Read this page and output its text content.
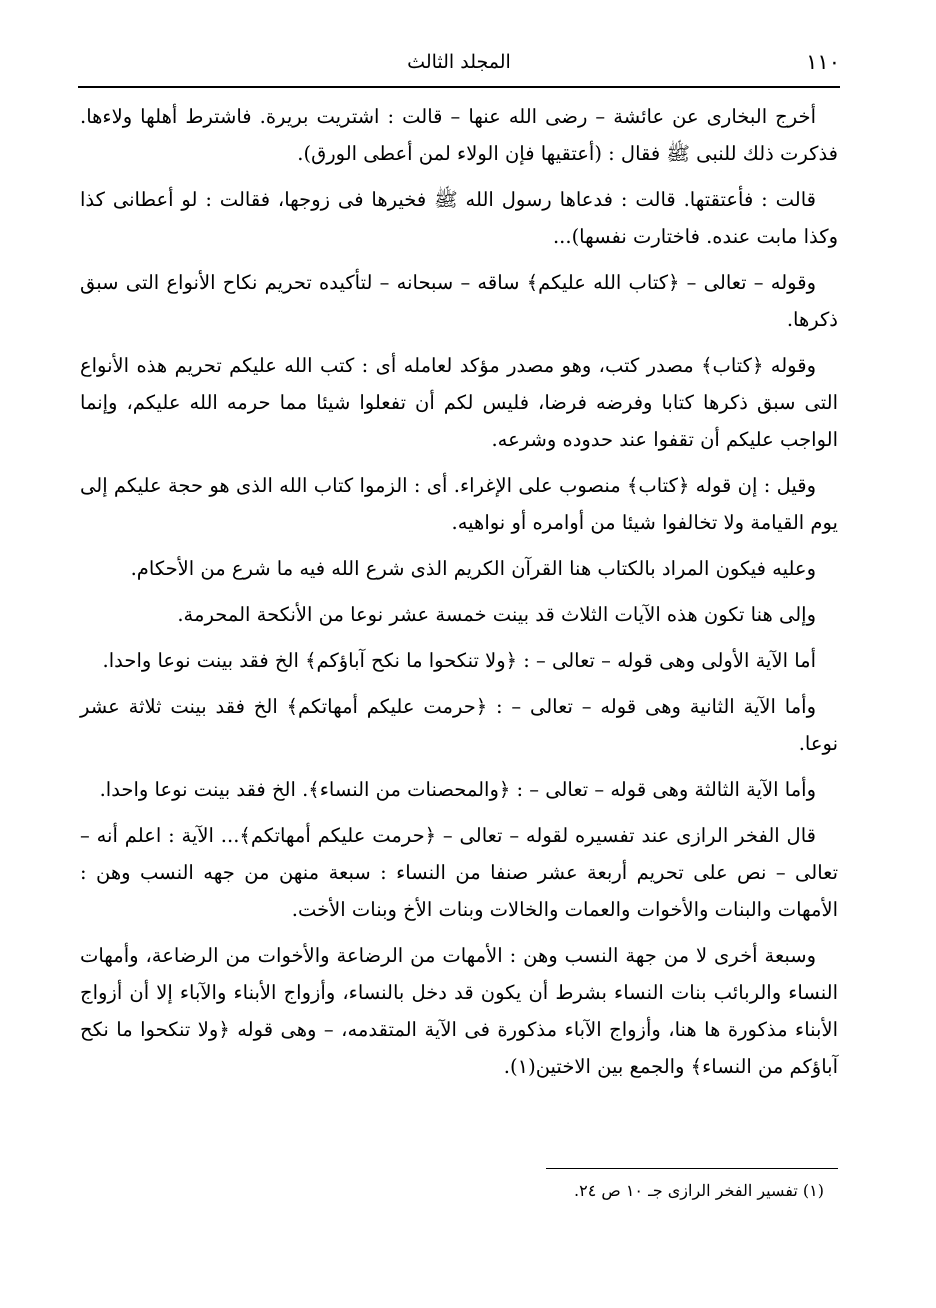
١١٠
المجلد الثالث

أخرج البخارى عن عائشة – رضى الله عنها – قالت : اشتريت بريرة. فاشترط أهلها ولاءها. فذكرت ذلك للنبى ﷺ فقال : (أعتقيها فإن الولاء لمن أعطى الورق).

قالت : فأعتقتها. قالت : فدعاها رسول الله ﷺ فخيرها فى زوجها، فقالت : لو أعطانى كذا وكذا مابت عنده. فاختارت نفسها)...

وقوله – تعالى – ﴿كتاب الله عليكم﴾ ساقه – سبحانه – لتأكيده تحريم نكاح الأنواع التى سبق ذكرها.

وقوله ﴿كتاب﴾ مصدر كتب، وهو مصدر مؤكد لعامله أى : كتب الله عليكم تحريم هذه الأنواع التى سبق ذكرها كتابا وفرضه فرضا، فليس لكم أن تفعلوا شيئا مما حرمه الله عليكم، وإنما الواجب عليكم أن تقفوا عند حدوده وشرعه.

وقيل : إن قوله ﴿كتاب﴾ منصوب على الإغراء. أى : الزموا كتاب الله الذى هو حجة عليكم إلى يوم القيامة ولا تخالفوا شيئا من أوامره أو نواهيه.

وعليه فيكون المراد بالكتاب هنا القرآن الكريم الذى شرع الله فيه ما شرع من الأحكام.

وإلى هنا تكون هذه الآيات الثلاث قد بينت خمسة عشر نوعا من الأنكحة المحرمة.

أما الآية الأولى وهى قوله – تعالى – : ﴿ولا تنكحوا ما نكح آباؤكم﴾ الخ فقد بينت نوعا واحدا.

وأما الآية الثانية وهى قوله – تعالى – : ﴿حرمت عليكم أمهاتكم﴾ الخ فقد بينت ثلاثة عشر نوعا.

وأما الآية الثالثة وهى قوله – تعالى – : ﴿والمحصنات من النساء﴾. الخ فقد بينت نوعا واحدا.

قال الفخر الرازى عند تفسيره لقوله – تعالى – ﴿حرمت عليكم أمهاتكم﴾... الآية : اعلم أنه – تعالى – نص على تحريم أربعة عشر صنفا من النساء : سبعة منهن من جهه النسب وهن : الأمهات والبنات والأخوات والعمات والخالات وبنات الأخ وبنات الأخت.

وسبعة أخرى لا من جهة النسب وهن : الأمهات من الرضاعة والأخوات من الرضاعة، وأمهات النساء والربائب بنات النساء بشرط أن يكون قد دخل بالنساء، وأزواج الأبناء والآباء إلا أن أزواج الأبناء مذكورة ها هنا، وأزواج الآباء مذكورة فى الآية المتقدمه، – وهى قوله ﴿ولا تنكحوا ما نكح آباؤكم من النساء﴾ والجمع بين الاختين(١).

(١) تفسير الفخر الرازى جـ ١٠ ص ٢٤.
